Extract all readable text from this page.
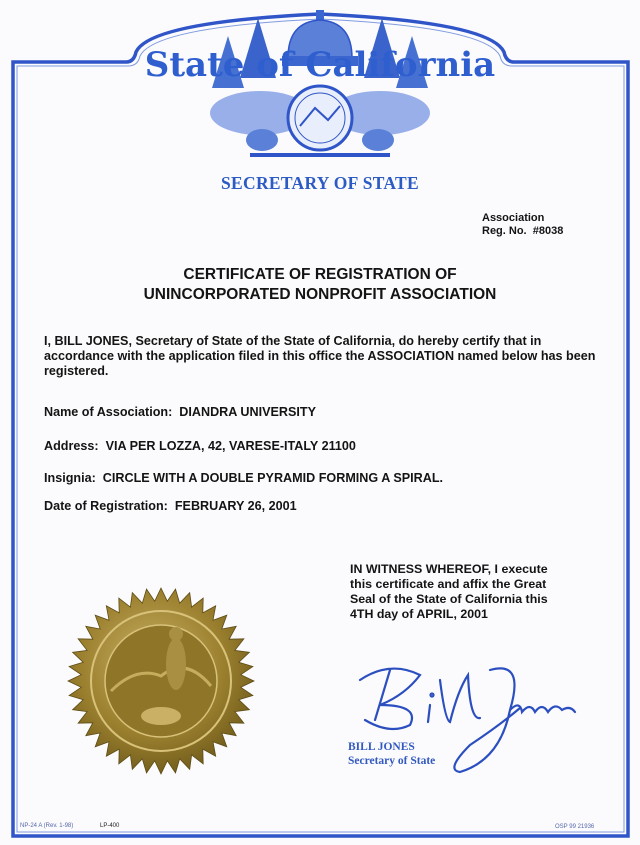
State of California
SECRETARY OF STATE
Association
Reg. No.  #8038
CERTIFICATE OF REGISTRATION OF
UNINCORPORATED NONPROFIT ASSOCIATION
I, BILL JONES, Secretary of State of the State of California, do hereby certify that in accordance with the application filed in this office the ASSOCIATION named below has been registered.
Name of Association: DIANDRA UNIVERSITY
Address: VIA PER LOZZA, 42, VARESE-ITALY 21100
Insignia: CIRCLE WITH A DOUBLE PYRAMID FORMING A SPIRAL.
Date of Registration: FEBRUARY 26, 2001
IN WITNESS WHEREOF, I execute
this certificate and affix the Great
Seal of the State of California this
4TH day of APRIL, 2001
BILL JONES
Secretary of State
NP-24 A (Rev. 1-98)	LP-400	OSP 99 21936
